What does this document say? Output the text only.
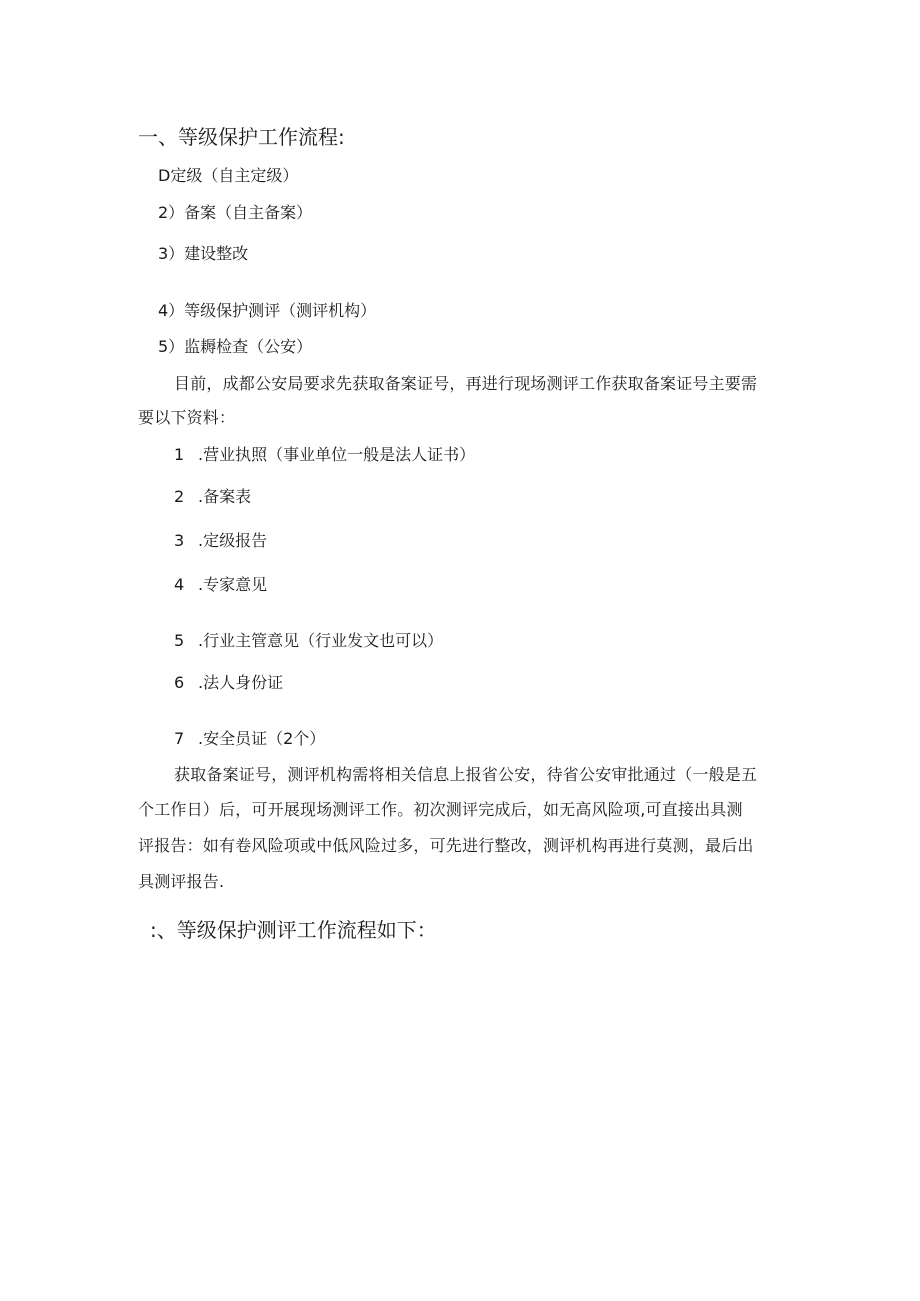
一、等级保护工作流程:
D定级（自主定级）
2）备案（自主备案）
3）建设整改
4）等级保护测评（测评机构）
5）监耨检查（公安）
目前，成都公安局要求先获取备案证号，再进行现场测评工作获取备案证号主要需
要以下资料：
1 .营业执照（事业单位一般是法人证书）
2 .备案表
3 .定级报告
4 .专家意见
5 .行业主管意见（行业发文也可以）
6 .法人身份证
7 .安全员证（2个）
获取备案证号，测评机构需将相关信息上报省公安，待省公安审批通过（一般是五
个工作日）后，可开展现场测评工作。初次测评完成后，如无高风险项,可直接出具测
评报告：如有卷风险项或中低风险过多，可先进行整改，测评机构再进行莫测，最后出
具测评报告.
:、等级保护测评工作流程如下：
